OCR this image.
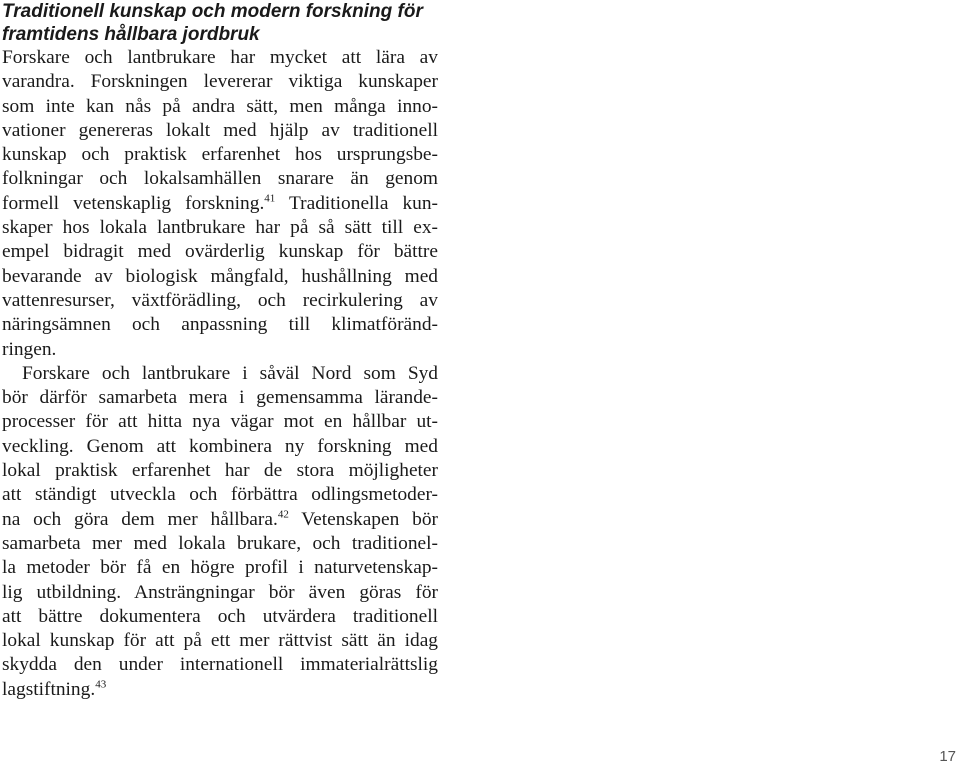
Traditionell kunskap och modern forskning för
framtidens hållbara jordbruk
Forskare och lantbrukare har mycket att lära av
varandra. Forskningen levererar viktiga kunskaper
som inte kan nås på andra sätt, men många inno-
vationer genereras lokalt med hjälp av traditionell
kunskap och praktisk erfarenhet hos ursprungsbe-
folkningar och lokalsamhällen snarare än genom
formell vetenskaplig forskning.$^{41}$ Traditionella kun-
skaper hos lokala lantbrukare har på så sätt till ex-
empel bidragit med ovärderlig kunskap för bättre
bevarande av biologisk mångfald, hushållning med
vattenresurser, växtförädling, och recirkulering av
näringsämnen och anpassning till klimatföränd-
ringen.
Forskare och lantbrukare i såväl Nord som Syd
bör därför samarbeta mera i gemensamma lärande-
processer för att hitta nya vägar mot en hållbar ut-
veckling. Genom att kombinera ny forskning med
lokal praktisk erfarenhet har de stora möjligheter
att ständigt utveckla och förbättra odlingsmetoder-
na och göra dem mer hållbara.$^{42}$ Vetenskapen bör
samarbeta mer med lokala brukare, och traditionel-
la metoder bör få en högre profil i naturvetenskap-
lig utbildning. Ansträngningar bör även göras för
att bättre dokumentera och utvärdera traditionell
lokal kunskap för att på ett mer rättvist sätt än idag
skydda den under internationell immaterialrättslig
lagstiftning.$^{43}$
17
